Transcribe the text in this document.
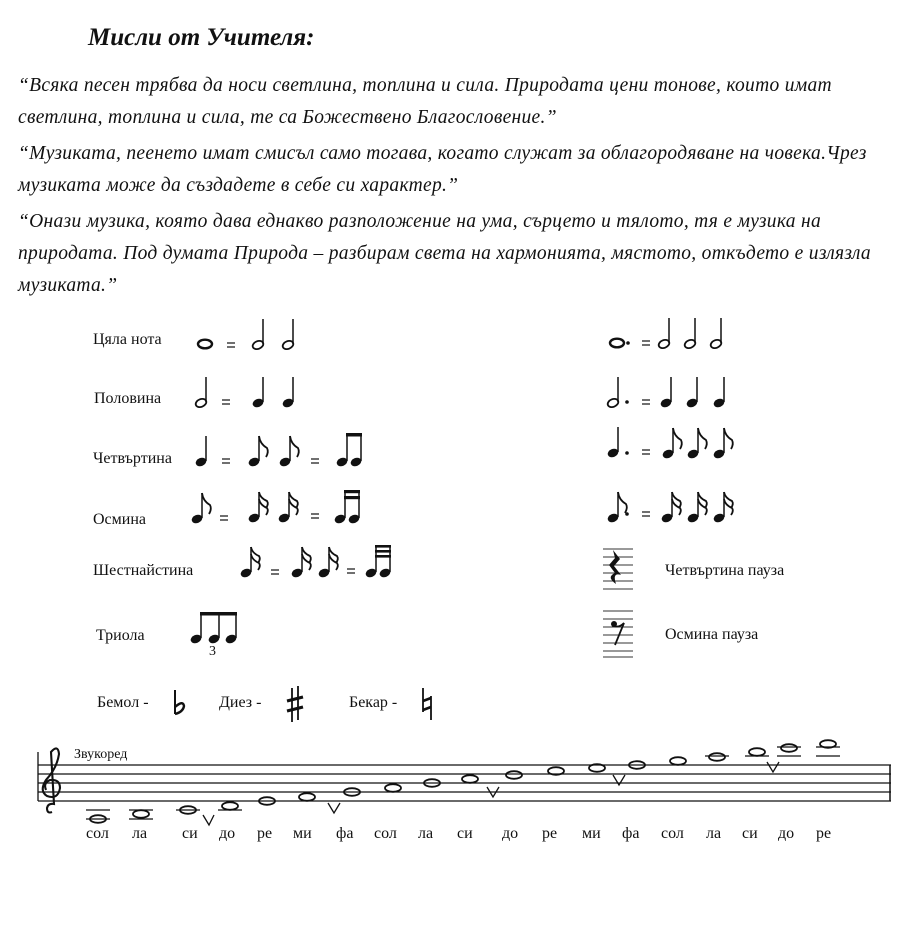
Мисли от Учителя:
“Всяка песен трябва да носи светлина, топлина и сила. Природата цени тонове, които имат светлина, топлина и сила, те са Божествено Благословение.”
“Музиката, пеенето имат смисъл само тогава, когато служат за облагородяване на човека.Чрез музиката може да създадете в себе си характер.”
“Онази музика, която дава еднакво разположение на ума, сърцето и тялото, тя е музика на природата. Под думата Природа – разбирам света на хармонията, мястото, откъдето е излязла музиката.”
Цяла нота
Половина
Четвъртина
Осмина
Шестнайстина
Триола
3
Четвъртина пауза
Осмина пауза
Бемол -	Диез -	Бекар -
Звукоред
сол ла си до ре ми фа сол ла си до ре ми фа сол ла си до ре
